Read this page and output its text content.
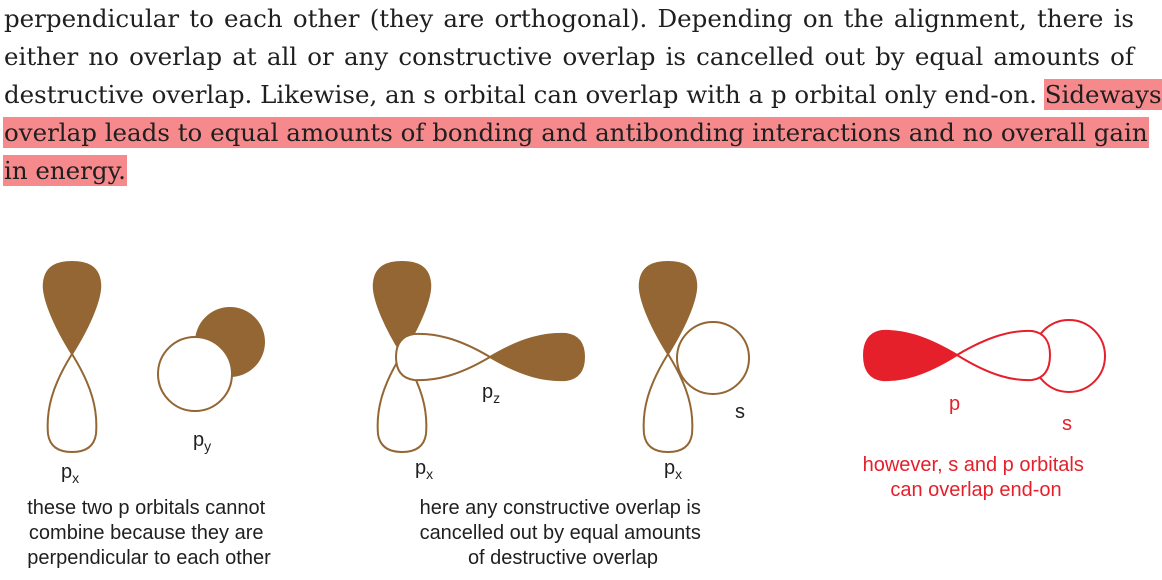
perpendicular to each other (they are orthogonal). Depending on the alignment, there is
either no overlap at all or any constructive overlap is cancelled out by equal amounts of
destructive overlap. Likewise, an s orbital can overlap with a p orbital only end-on. Sideways
overlap leads to equal amounts of bonding and antibonding interactions and no overall gain
in energy.
$p_y$
$p_x$
these two p orbitals cannot combine because they are perpendicular to each other
$p_z$
$p_x$
here any constructive overlap is cancelled out by equal amounts of destructive overlap
s
$p_x$
p
s
however, s and p orbitals can overlap end-on
